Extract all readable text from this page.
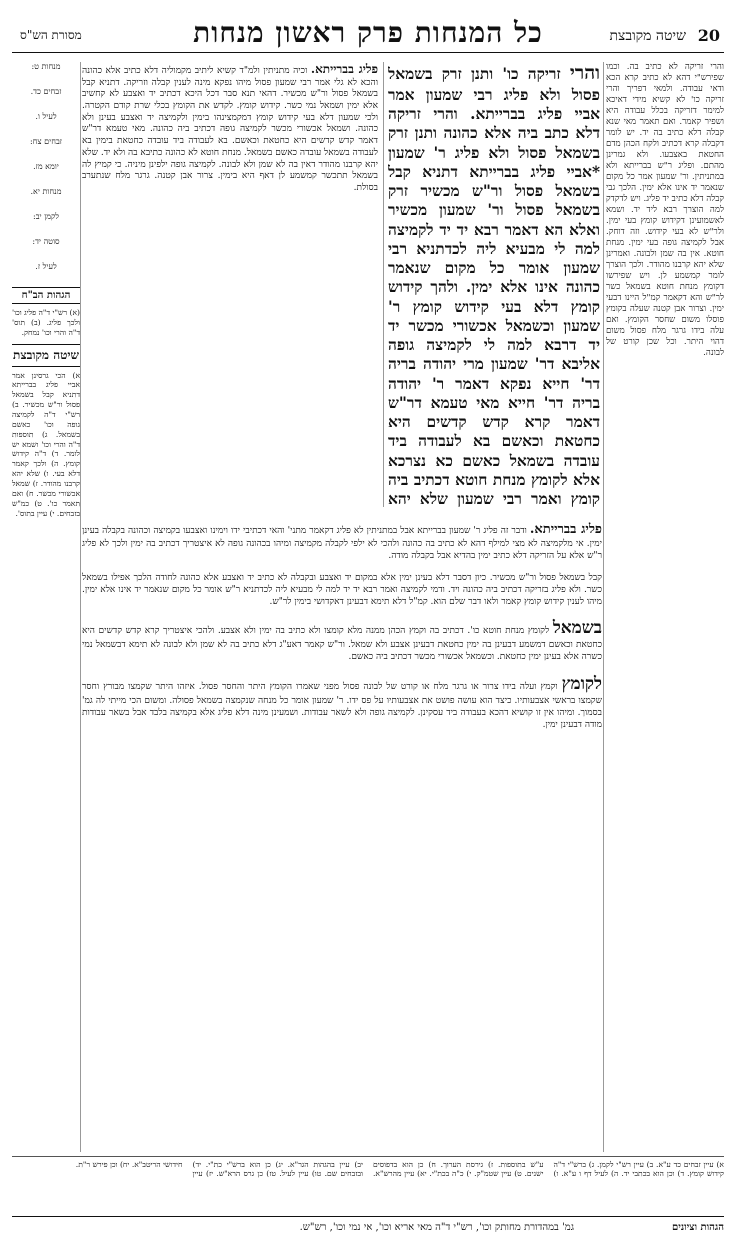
20
שיטה מקובצת
כל המנחות פרק ראשון מנחות
מסורת הש"ס

והרי זריקה לא כתיב בה. וכמו שפירש"י דהא לא כתיב קרא הכא ודאי עבודה. ולמאי דפריך והרי זריקה כו' לא קשיא מידי דאיכא למימר דזריקה בכלל עבודה היא ושפיר קאמר. ואם תאמר מאי שנא קבלה דלא כתיב בה יד. יש לומר דקבלה קרא דכתיב ולקח הכהן מדם החטאת באצבעו. ולא גמרינן מהתם. ופליג ר"ש בברייתא ולא במתניתין. ור' שמעון אמר כל מקום שנאמר יד אינו אלא ימין. הלכך גבי קבלה דלא כתיב יד פליג. ויש לדקדק למה הוצרך רבא ליד יד. ושמא לאשמועינן דקידוש קומץ בעי ימין. ולר"ש לא בעי קידוש. וזה דוחק. אבל לקמיצה גופה בעי ימין. מנחת חוטא. אין בה שמן ולבונה. ואמרינן שלא יהא קרבנו מהודר. ולכך הוצרך לומר קמשמע לן. ויש שפירשו דקומץ מנחת חוטא בשמאל כשר לר"ש והא דקאמר קמ"ל היינו דבעי ימין. וצרור אבן קטנה שעלה בקומץ פוסלו משום שחסר הקומץ. ואם עלה בידו גרגר מלח פסול משום דהוי היתר. וכל שכן קורט של לבונה.

והרי זריקה כו' ותנן זרק בשמאל פסול ולא פליג רבי שמעון אמר אביי פליג בברייתא. והרי זריקה דלא כתב ביה אלא כהונה ותנן זרק בשמאל פסול ולא פליג ר' שמעון *אביי פליג בברייתא דתניא קבל בשמאל פסול ור"ש מכשיר זרק בשמאל פסול ור' שמעון מכשיר ואלא הא דאמר רבא יד יד לקמיצה למה לי מבעיא ליה לכדתניא רבי שמעון אומר כל מקום שנאמר כהונה אינו אלא ימין. ולהך קידוש קומץ דלא בעי קידוש קומץ ר' שמעון וכשמאל אכשורי מכשר יד יד דרבא למה לי לקמיצה גופה אליבא דר' שמעון מרי יהודה בריה דר' חייא נפקא דאמר ר' יהודה בריה דר' חייא מאי טעמא דר"ש דאמר קרא קדש קדשים היא כחטאת וכאשם בא לעבודה ביד עובדה בשמאל כאשם כא נצרכא אלא לקומץ מנחת חוטא דכתיב ביה קומץ ואמר רבי שמעון שלא יהא
פליג בברייתא. וכיה מתניתין ולמ"ד קשיא ליתיב מקמוליה דלא כתיב אלא כהונה והכא לא גלי אמר רבי שמעון פסול מיהו נפקא מינה לענין קבלה וזריקה. דתניא קבל בשמאל פסול ור"ש מכשיר. דהאי תנא סבר דכל היכא דכתיב יד ואצבע לא קחשיב אלא ימין ושמאל נמי כשר. קידוש קומץ. לקדש את הקומץ בכלי שרת קודם הקטרה. ולכי שמעון דלא בעי קידוש קומץ דמקמצינהו בימין ולקמיצה יד ואצבע בעינן ולא כהונה. ושמאל אכשורי מכשר לקמיצה גופה דכתיב ביה כהונה. מאי טעמא דר"ש דאמר קדש קדשים היא כחטאת וכאשם. בא לעבודה ביד עובדה כחטאת בימין בא לעבודה בשמאל עובדה כאשם בשמאל. מנחת חוטא לא כהונה כתיבא בה ולא יד. שלא יהא קרבנו מהודר דאין בה לא שמן ולא לבונה. לקמיצה גופה ילפינן מיניה. כי קמיץ לה בשמאל תתכשר קמשמע לן דאף היא בימין. צרור אבן קטנה. גרגר מלח שנתערב בסולת.

פליג בברייתא. ודבר זה פליג ר' שמעון בברייתא אבל במתניתין לא פליג דקאמר מתני' והאי דכתיבי ידו וימינו ואצבעו בקמיצה וכהונה בקבלה בעינן ימין. אי מלקמיצה לא מצי למילף דהא לא כתיב בה כהונה ולהכי לא ילפי לקבלה מקמיצה ומיהו בכהונה גופה לא איצטריך דכתיב בה ימין ולכך לא פליג ר"ש אלא על הזריקה דלא כתיב ימין בהדיא אבל בקבלה מודה.

קבל בשמאל פסול ור"ש מכשיר. כיון דסבר דלא בעינן ימין אלא במקום יד ואצבע ובקבלה לא כתיב יד ואצבע אלא כהונה לחודה הלכך אפילו בשמאל כשר. ולא פליג בזריקה דכתיב ביה כהונה ויד. ודמי לקמיצה ואמר רבא יד יד למה לי מבעיא ליה לכדתניא ר"ש אומר כל מקום שנאמר יד אינו אלא ימין. מיהו לענין קידוש קומץ קאמר ולאו דבר שלם הוא. קמ"ל דלא תימא דבעינן דאקדושי בימין לר"ש.

בשמאל לקומץ מנחת חוטא כו'. דכתיב בה וקמץ הכהן ממנה מלא קומצו ולא כתיב בה ימין ולא אצבע. ולהכי איצטריך קרא קדש קדשים היא כחטאת וכאשם דמשמע דבעינן בה ימין כחטאת דבעינן אצבע ולא שמאל. ור"ש קאמר דאע"ג דלא כתיב בה לא שמן ולא לבונה לא תימא דבשמאל נמי כשרה אלא בעינן ימין כחטאת. וכשמאל אכשורי מכשר דכתיב ביה כאשם.

לקומץ וקמץ ועלה בידו צרור או גרגר מלח או קורט של לבונה פסול מפני שאמרו הקומץ היתר והחסר פסול. איזהו היתר שקמצו מבורץ וחסר שקמצו בראשי אצבעותיו. כיצד הוא עושה פושט את אצבעותיו על פס ידו. ר' שמעון אומר כל מנחה שנקמצה בשמאל פסולה. ומשום הכי מייתי לה גמ' בסמוך. ומיהו אין זו קושיא דהכא בעבודה ביד עסקינן. לקמיצה גופה ולא לשאר עבודות. ושמעינן מינה דלא פליג אלא בקמיצה בלבד אבל בשאר עבודות מודה דבעינן ימין.

מנחות ט:
זבחים כד.
לעיל ו.
זבחים צח:
יומא מז.
מנחות יא.
לקמן יב:
סוטה יד:
לעיל ז.
הגהות הב"ח
(א) רש"י ד"ה פליג וכו' ולכך פליג. (ב) תוס' ד"ה והרי וכו' נמחק.
שיטה מקובצת
א) הכי גרסינן אמר אביי פליג בברייתא דתניא קבל בשמאל פסול ור"ש מכשיר. ב) רש"י ד"ה לקמיצה גופה וכו' כאשם בשמאל. ג) תוספות ד"ה והרי וכו' ושמא יש לומר. ד) ד"ה קידוש קומץ. ה) ולכך קאמר דלא בעי. ו) שלא יהא קרבנו מהודר. ז) שמאל אכשורי מכשר. ח) ואם תאמר כו'. ט) כמ"ש בזבחים. י) עיין בתוס'.
א) עיין זבחים כד ע"א. ב) עיין רש"י לקמן. ג) ברש"י ד"ה קידוש קומץ. ד) וכן הוא בכתבי יד. ה) לעיל דף ו ע"א. ו) ע"ש בתוספות. ז) גירסת הערוך. ח) כן הוא בדפוסים ישנים. ט) עיין שטמ"ק. י) כ"ה בכת"י. יא) עיין מהרש"א. יב) עיין בהגהות הגר"א. יג) כן הוא ברש"י כת"י. יד) ובזבחים שם. טו) עיין לעיל. טז) כן גרס הרא"ש. יז) עיין חידושי הריטב"א. יח) וכן פירש ר"ת.
הגהות וציונים
גמ' במהדורת מחותק וכו', רש"י ד"ה מאי אריא וכו', אי נמי וכו', רש"ש.
